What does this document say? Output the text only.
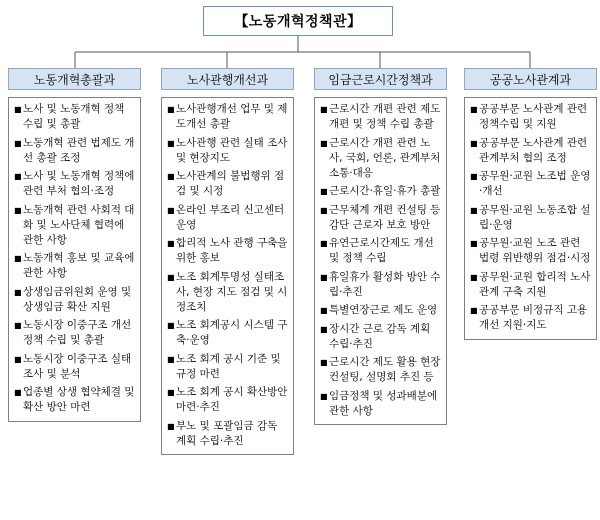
【노동개혁정책관】
노동개혁총괄과
■ 노사 및 노동개혁 정책 수립 및 총괄
■ 노동개혁 관련 법제도 개선 총괄 조정
■ 노사 및 노동개혁 정책에 관련 부처 협의·조정
■ 노동개혁 관련 사회적 대화 및 노사단체 협력에 관한 사항
■ 노동개혁 홍보 및 교육에 관한 사항
■ 상생임금위원회 운영 및 상생임금 확산 지원
■ 노동시장 이중구조 개선 정책 수립 및 총괄
■ 노동시장 이중구조 실태 조사 및 분석
■ 업종별 상생 협약체결 및 확산 방안 마련
노사관행개선과
■ 노사관행개선 업무 및 제도개선 총괄
■ 노사관행 관련 실태 조사 및 현장지도
■ 노사관계의 불법행위 점검 및 시정
■ 온라인 부조리 신고센터 운영
■ 합리적 노사 관행 구축을 위한 홍보
■ 노조 회계투명성 실태조사, 현장 지도 점검 및 시정조치
■ 노조 회계공시 시스템 구축·운영
■ 노조 회계 공시 기준 및 규정 마련
■ 노조 회계 공시 확산방안 마련·추진
■ 부노 및 포괄임금 감독 계획 수립·추진
임금근로시간정책과
■ 근로시간 개편 관련 제도개편 및 정책 수립 총괄
■ 근로시간 개편 관련 노사, 국회, 언론, 관계부처 소통·대응
■ 근로시간·휴일·휴가 총괄
■ 근무체계 개편 컨설팅 등 감단 근로자 보호 방안
■ 유연근로시간제도 개선 및 정책 수립
■ 휴일휴가 활성화 방안 수립·추진
■ 특별연장근로 제도 운영
■ 장시간 근로 감독 계획 수립·추진
■ 근로시간 제도 활용 현장 컨설팅, 설명회 추진 등
■ 임금정책 및 성과배분에 관한 사항
공공노사관계과
■ 공공부문 노사관계 관련 정책수립 및 지원
■ 공공부문 노사관계 관련 관계부처 협의 조정
■ 공무원·교원 노조법 운영·개선
■ 공무원·교원 노동조합 설립·운영
■ 공무원·교원 노조 관련 법령 위반행위 점검·시정
■ 공무원·교원 합리적 노사관계 구축 지원
■ 공공부문 비정규직 고용개선 지원·지도
